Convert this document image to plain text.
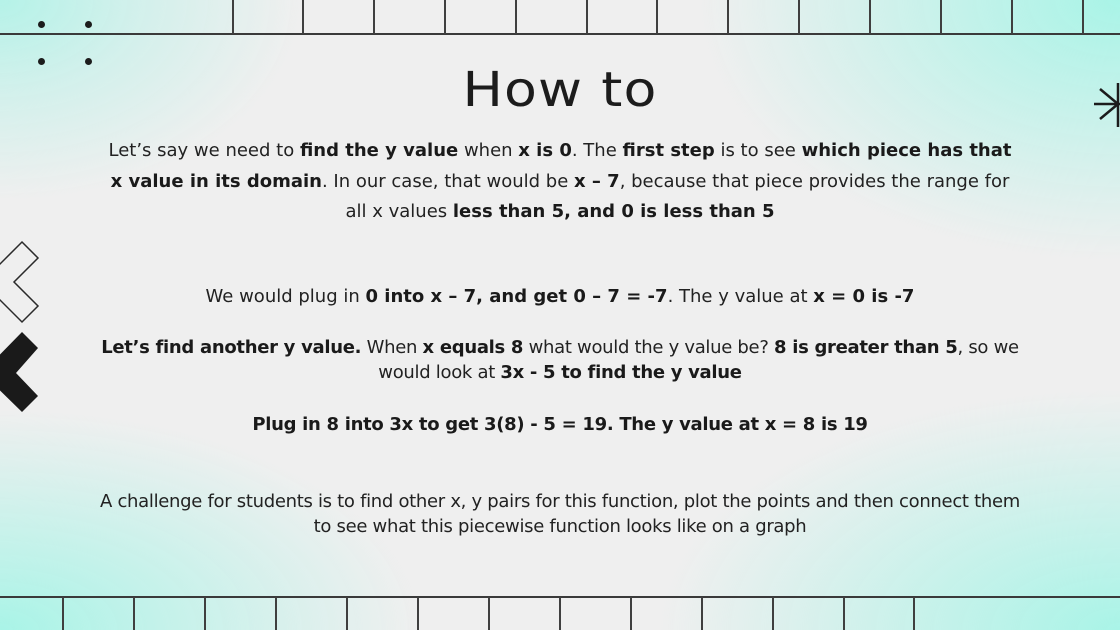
How to

Let’s say we need to find the y value when x is 0. The first step is to see which piece has that x value in its domain. In our case, that would be x – 7, because that piece provides the range for all x values less than 5, and 0 is less than 5

We would plug in 0 into x – 7, and get 0 – 7 = -7. The y value at x = 0 is -7

Let’s find another y value. When x equals 8 what would the y value be? 8 is greater than 5, so we would look at 3x - 5 to find the y value

Plug in 8 into 3x to get 3(8) - 5 = 19. The y value at x = 8 is 19

A challenge for students is to find other x, y pairs for this function, plot the points and then connect them to see what this piecewise function looks like on a graph
